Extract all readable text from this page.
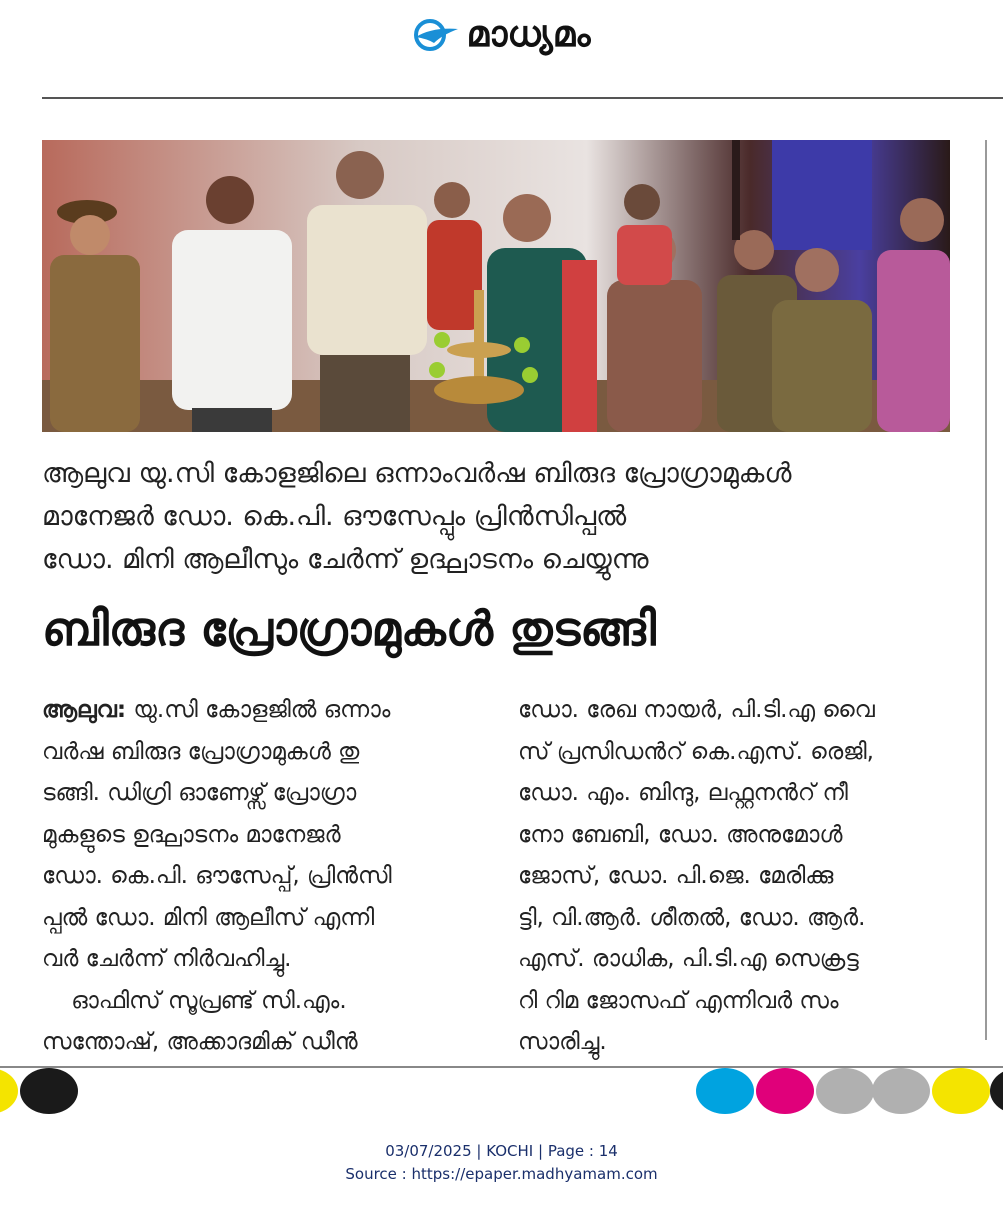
മാധ്യമം
ആലുവ യു.സി കോളജിലെ ഒന്നാംവർഷ ബിരുദ പ്രോഗ്രാമുകൾ
മാനേജർ ഡോ. കെ.പി. ഔസേപ്പും പ്രിൻസിപ്പൽ
ഡോ. മിനി ആലീസും ചേർന്ന് ഉദ്ഘാടനം ചെയ്യുന്നു
ബിരുദ പ്രോഗ്രാമുകൾ തുടങ്ങി
ആലുവ: യു.സി കോളജിൽ ഒന്നാം
വർഷ ബിരുദ പ്രോഗ്രാമുകൾ തു
ടങ്ങി. ഡിഗ്രി ഓണേഴ്സ് പ്രോഗ്രാ
മുകളുടെ ഉദ്ഘാടനം മാനേജർ
ഡോ. കെ.പി. ഔസേപ്പ്, പ്രിൻസി
പ്പൽ ഡോ. മിനി ആലീസ് എന്നി
വർ ചേർന്ന് നിർവഹിച്ചു.
ഓഫിസ് സൂപ്രണ്ട് സി.എം.
സന്തോഷ്, അക്കാദമിക് ഡീൻ
ഡോ. രേഖ നായർ, പി.ടി.എ വൈ
സ് പ്രസിഡൻറ് കെ.എസ്. രെജി,
ഡോ. എം. ബിന്ദു, ലഫ്റ്റനൻറ് നീ
നോ ബേബി, ഡോ. അനുമോൾ
ജോസ്, ഡോ. പി.ജെ. മേരിക്കു
ട്ടി, വി.ആർ. ശീതൽ, ഡോ. ആർ.
എസ്. രാധിക, പി.ടി.എ സെക്രട്ട
റി റിമ ജോസഫ് എന്നിവർ സം
സാരിച്ചു.
03/07/2025 | KOCHI | Page : 14
Source : https://epaper.madhyamam.com
